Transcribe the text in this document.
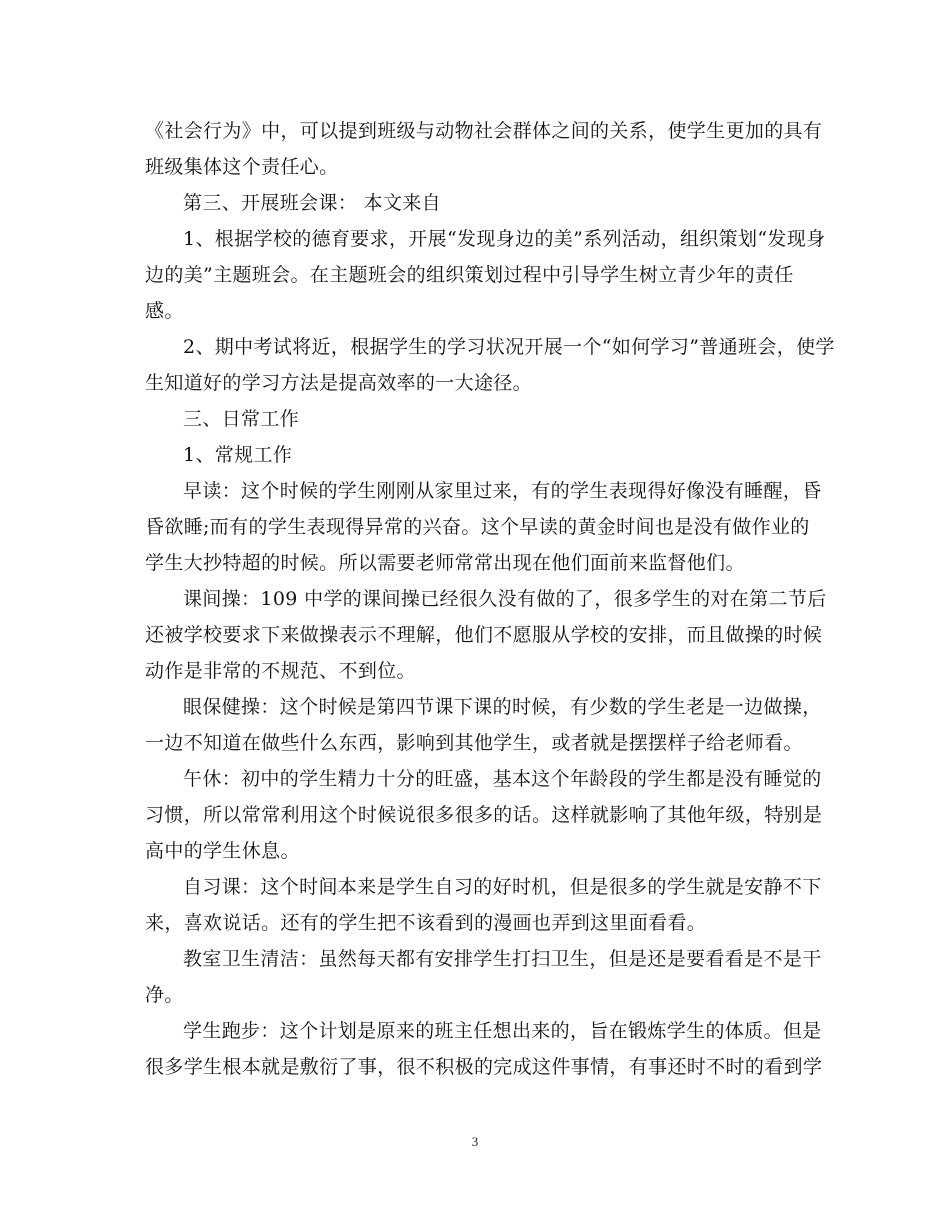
《社会行为》中，可以提到班级与动物社会群体之间的关系，使学生更加的具有
班级集体这个责任心。

第三、开展班会课： 本文来自

1、根据学校的德育要求，开展“发现身边的美”系列活动，组织策划“发现身
边的美”主题班会。在主题班会的组织策划过程中引导学生树立青少年的责任
感。

2、期中考试将近，根据学生的学习状况开展一个“如何学习”普通班会，使学
生知道好的学习方法是提高效率的一大途径。

三、日常工作

1、常规工作

早读：这个时候的学生刚刚从家里过来，有的学生表现得好像没有睡醒，昏
昏欲睡;而有的学生表现得异常的兴奋。这个早读的黄金时间也是没有做作业的
学生大抄特超的时候。所以需要老师常常出现在他们面前来监督他们。

课间操：109 中学的课间操已经很久没有做的了，很多学生的对在第二节后
还被学校要求下来做操表示不理解，他们不愿服从学校的安排，而且做操的时候
动作是非常的不规范、不到位。

眼保健操：这个时候是第四节课下课的时候，有少数的学生老是一边做操，
一边不知道在做些什么东西，影响到其他学生，或者就是摆摆样子给老师看。

午休：初中的学生精力十分的旺盛，基本这个年龄段的学生都是没有睡觉的
习惯，所以常常利用这个时候说很多很多的话。这样就影响了其他年级，特别是
高中的学生休息。

自习课：这个时间本来是学生自习的好时机，但是很多的学生就是安静不下
来，喜欢说话。还有的学生把不该看到的漫画也弄到这里面看看。

教室卫生清洁：虽然每天都有安排学生打扫卫生，但是还是要看看是不是干
净。

学生跑步：这个计划是原来的班主任想出来的，旨在锻炼学生的体质。但是
很多学生根本就是敷衍了事，很不积极的完成这件事情，有事还时不时的看到学

3
